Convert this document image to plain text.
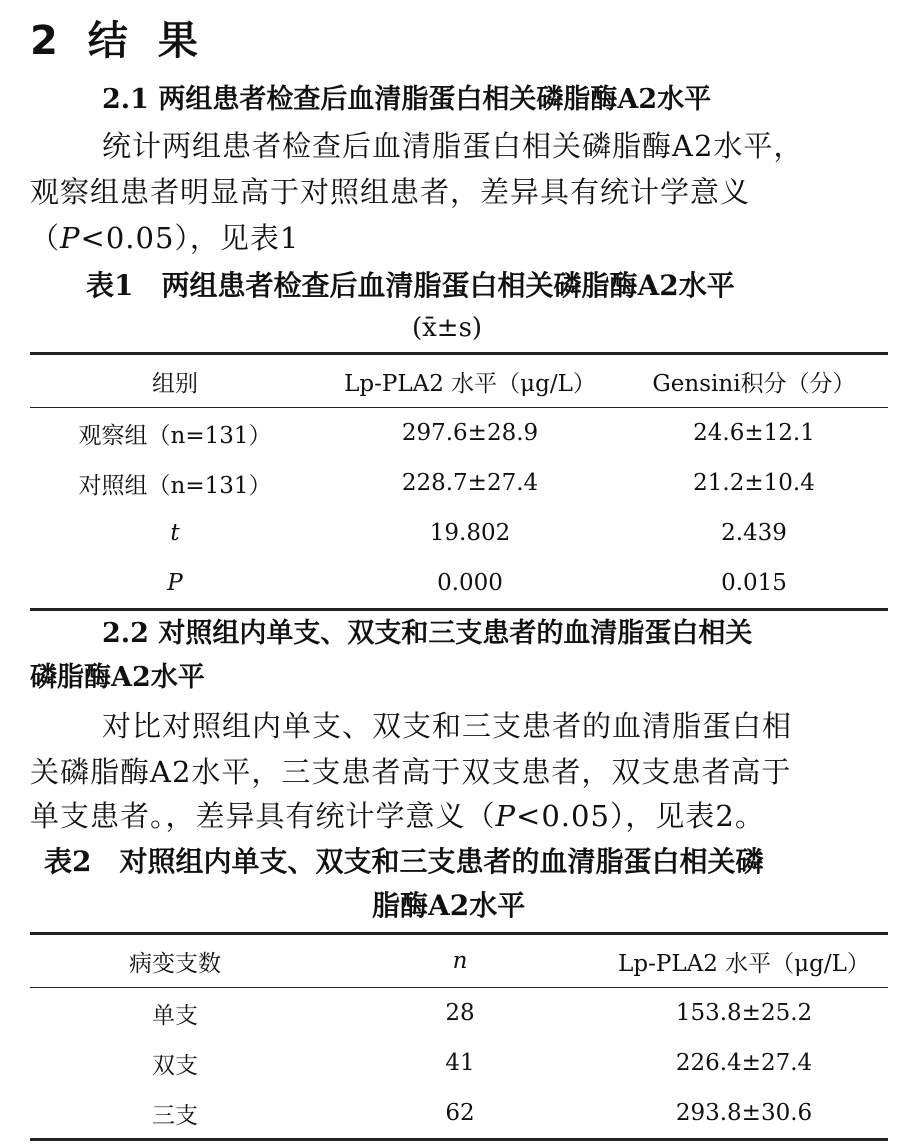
2 结 果
2.1 两组患者检查后血清脂蛋白相关磷脂酶A2水平
统计两组患者检查后血清脂蛋白相关磷脂酶A2水平，
观察组患者明显高于对照组患者，差异具有统计学意义
（P<0.05），见表1
表1　两组患者检查后血清脂蛋白相关磷脂酶A2水平
(x̄±s)
组别	Lp-PLA2 水平（μg/L）	Gensini积分（分）
观察组（n=131）	297.6±28.9	24.6±12.1
对照组（n=131）	228.7±27.4	21.2±10.4
t	19.802	2.439
P	0.000	0.015
2.2 对照组内单支、双支和三支患者的血清脂蛋白相关
磷脂酶A2水平
对比对照组内单支、双支和三支患者的血清脂蛋白相
关磷脂酶A2水平，三支患者高于双支患者，双支患者高于
单支患者。，差异具有统计学意义（P<0.05），见表2。
表2　对照组内单支、双支和三支患者的血清脂蛋白相关磷
脂酶A2水平
病变支数	n	Lp-PLA2 水平（μg/L）
单支	28	153.8±25.2
双支	41	226.4±27.4
三支	62	293.8±30.6
